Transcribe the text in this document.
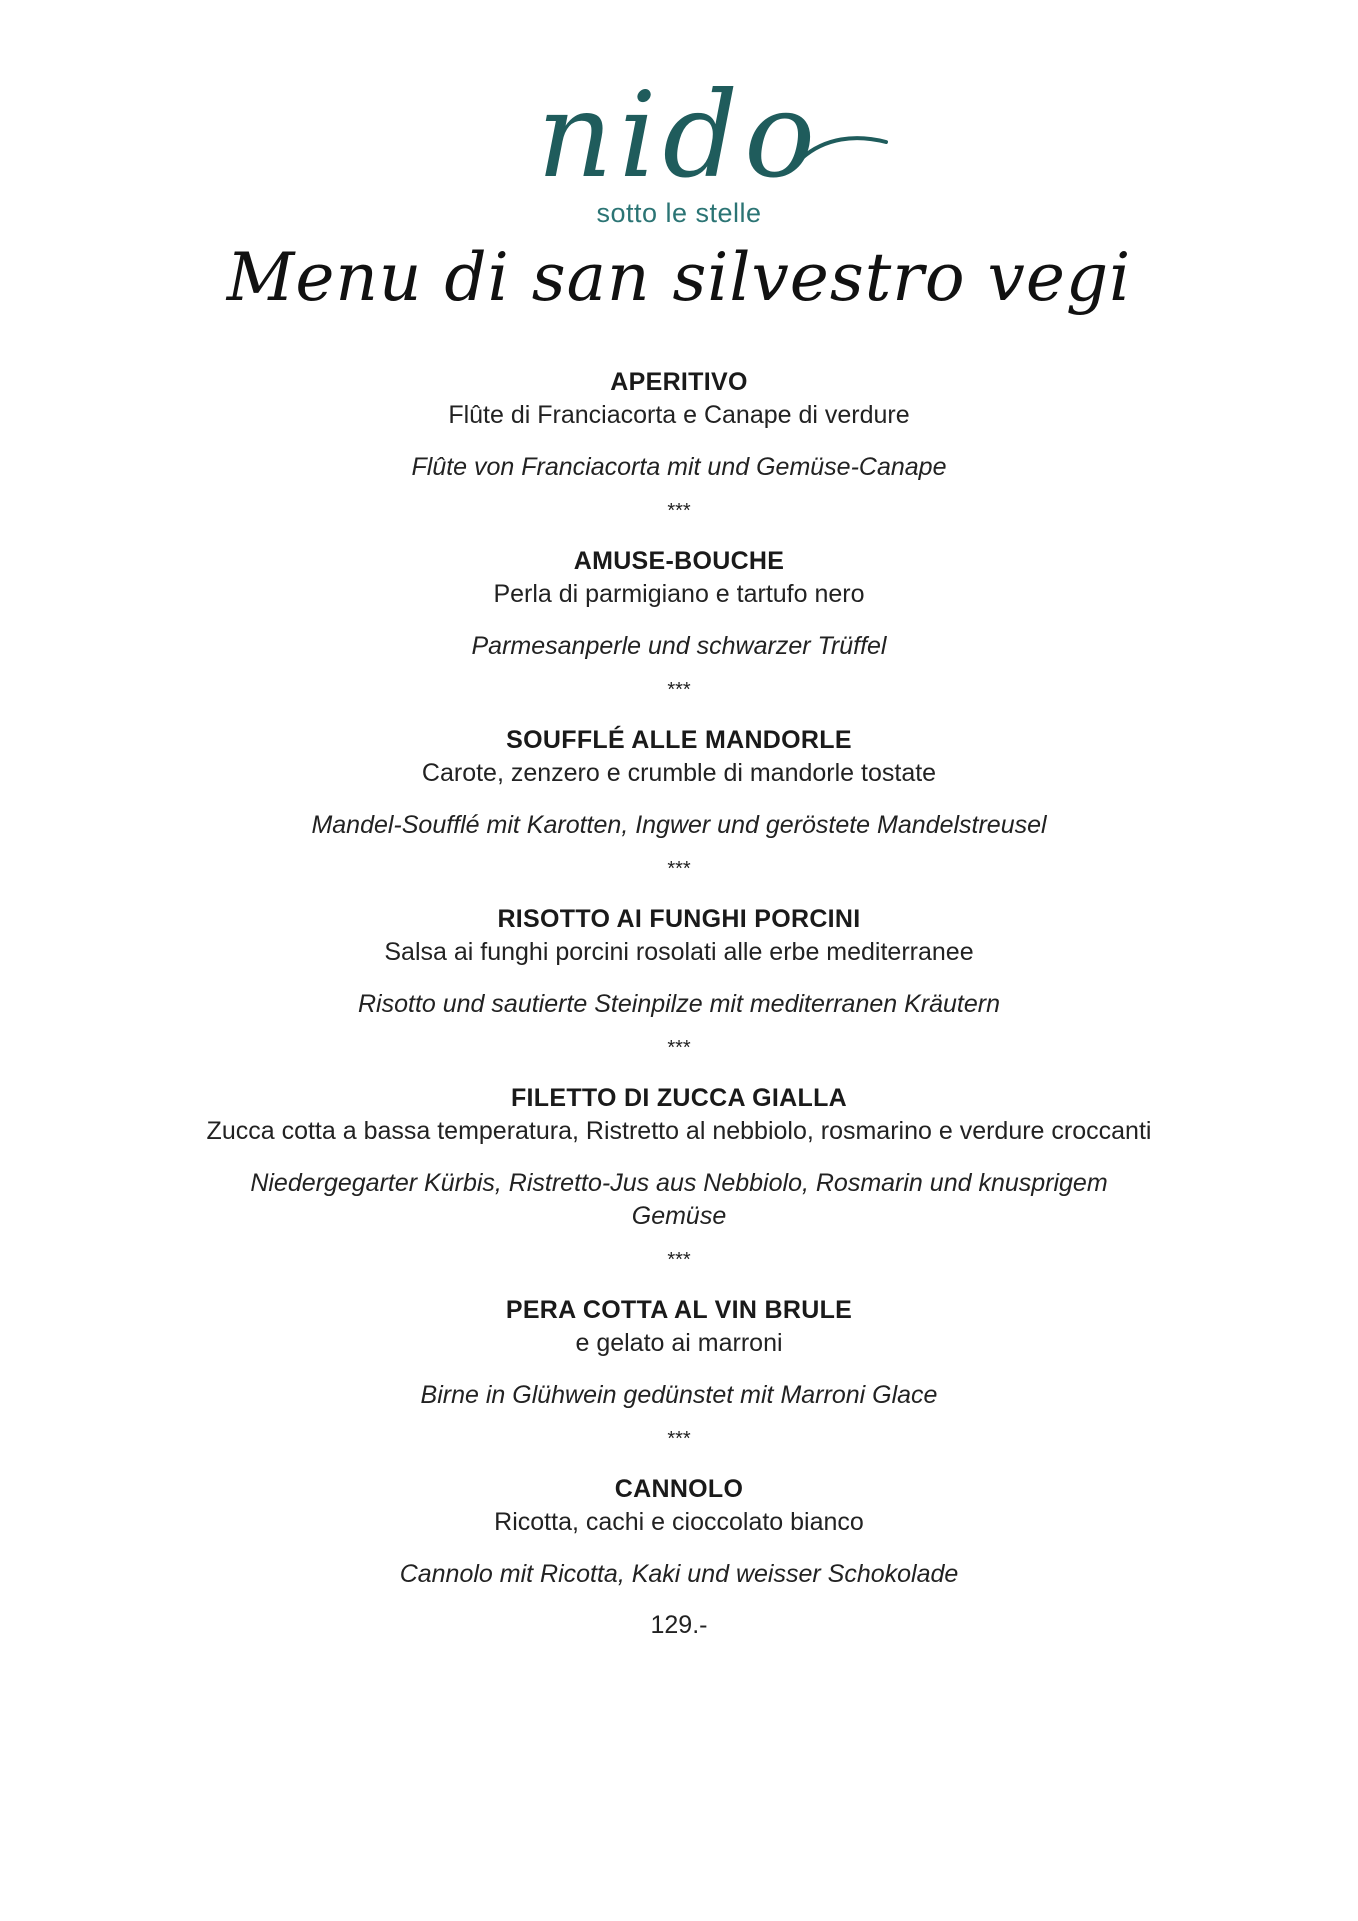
nido
sotto le stelle
Menu di san silvestro vegi
APERITIVO
Flûte di Franciacorta e Canape di verdure
Flûte von Franciacorta mit und Gemüse-Canape
***
AMUSE-BOUCHE
Perla di parmigiano e tartufo nero
Parmesanperle und schwarzer Trüffel
***
SOUFFLÉ ALLE MANDORLE
Carote, zenzero e crumble di mandorle tostate
Mandel-Soufflé mit Karotten, Ingwer und geröstete Mandelstreusel
***
RISOTTO AI FUNGHI PORCINI
Salsa ai funghi porcini rosolati alle erbe mediterranee
Risotto und sautierte Steinpilze mit mediterranen Kräutern
***
FILETTO DI ZUCCA GIALLA
Zucca cotta a bassa temperatura, Ristretto al nebbiolo, rosmarino e verdure croccanti
Niedergegarter Kürbis, Ristretto-Jus aus Nebbiolo, Rosmarin und knusprigem Gemüse
***
PERA COTTA AL VIN BRULE
e gelato ai marroni
Birne in Glühwein gedünstet mit Marroni Glace
***
CANNOLO
Ricotta, cachi e cioccolato bianco
Cannolo mit Ricotta, Kaki und weisser Schokolade
129.-
